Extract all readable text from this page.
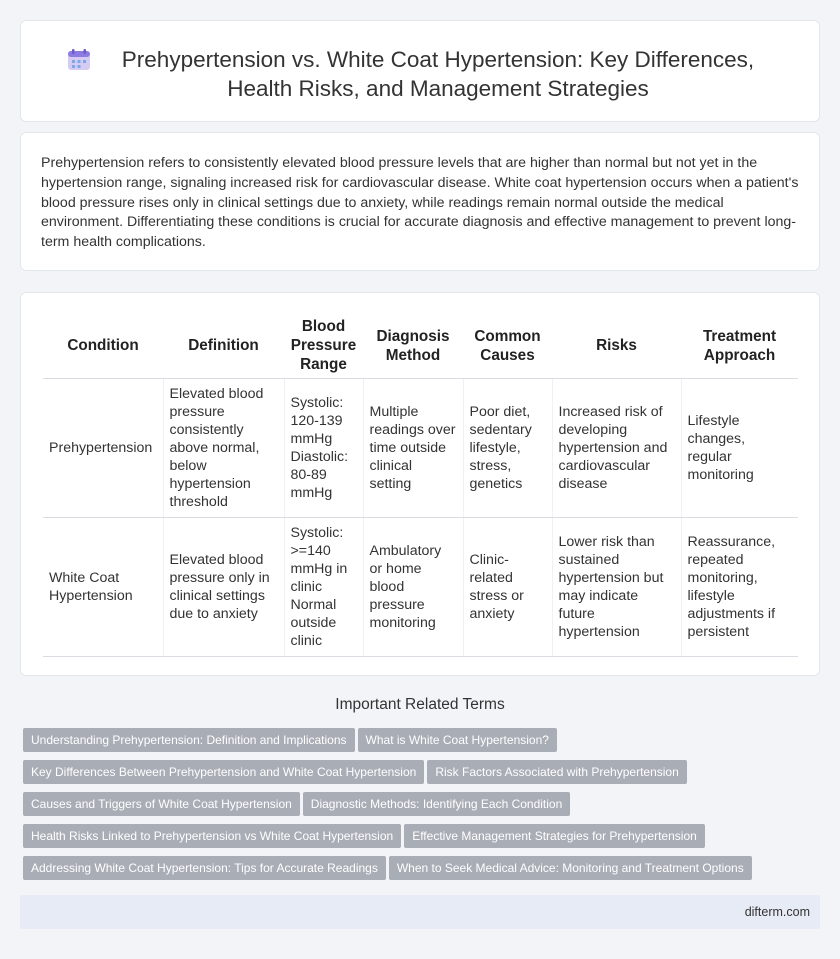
Prehypertension vs. White Coat Hypertension: Key Differences, Health Risks, and Management Strategies

Prehypertension refers to consistently elevated blood pressure levels that are higher than normal but not yet in the hypertension range, signaling increased risk for cardiovascular disease. White coat hypertension occurs when a patient's blood pressure rises only in clinical settings due to anxiety, while readings remain normal outside the medical environment. Differentiating these conditions is crucial for accurate diagnosis and effective management to prevent long-term health complications.

Condition	Definition	Blood Pressure Range	Diagnosis Method	Common Causes	Risks	Treatment Approach
Prehypertension	Elevated blood pressure consistently above normal, below hypertension threshold	Systolic: 120-139 mmHg Diastolic: 80-89 mmHg	Multiple readings over time outside clinical setting	Poor diet, sedentary lifestyle, stress, genetics	Increased risk of developing hypertension and cardiovascular disease	Lifestyle changes, regular monitoring
White Coat Hypertension	Elevated blood pressure only in clinical settings due to anxiety	Systolic: >=140 mmHg in clinic Normal outside clinic	Ambulatory or home blood pressure monitoring	Clinic-related stress or anxiety	Lower risk than sustained hypertension but may indicate future hypertension	Reassurance, repeated monitoring, lifestyle adjustments if persistent
Important Related Terms
Understanding Prehypertension: Definition and Implications What is White Coat Hypertension?
Key Differences Between Prehypertension and White Coat Hypertension Risk Factors Associated with Prehypertension
Causes and Triggers of White Coat Hypertension Diagnostic Methods: Identifying Each Condition
Health Risks Linked to Prehypertension vs White Coat Hypertension Effective Management Strategies for Prehypertension
Addressing White Coat Hypertension: Tips for Accurate Readings When to Seek Medical Advice: Monitoring and Treatment Options
difterm.com
